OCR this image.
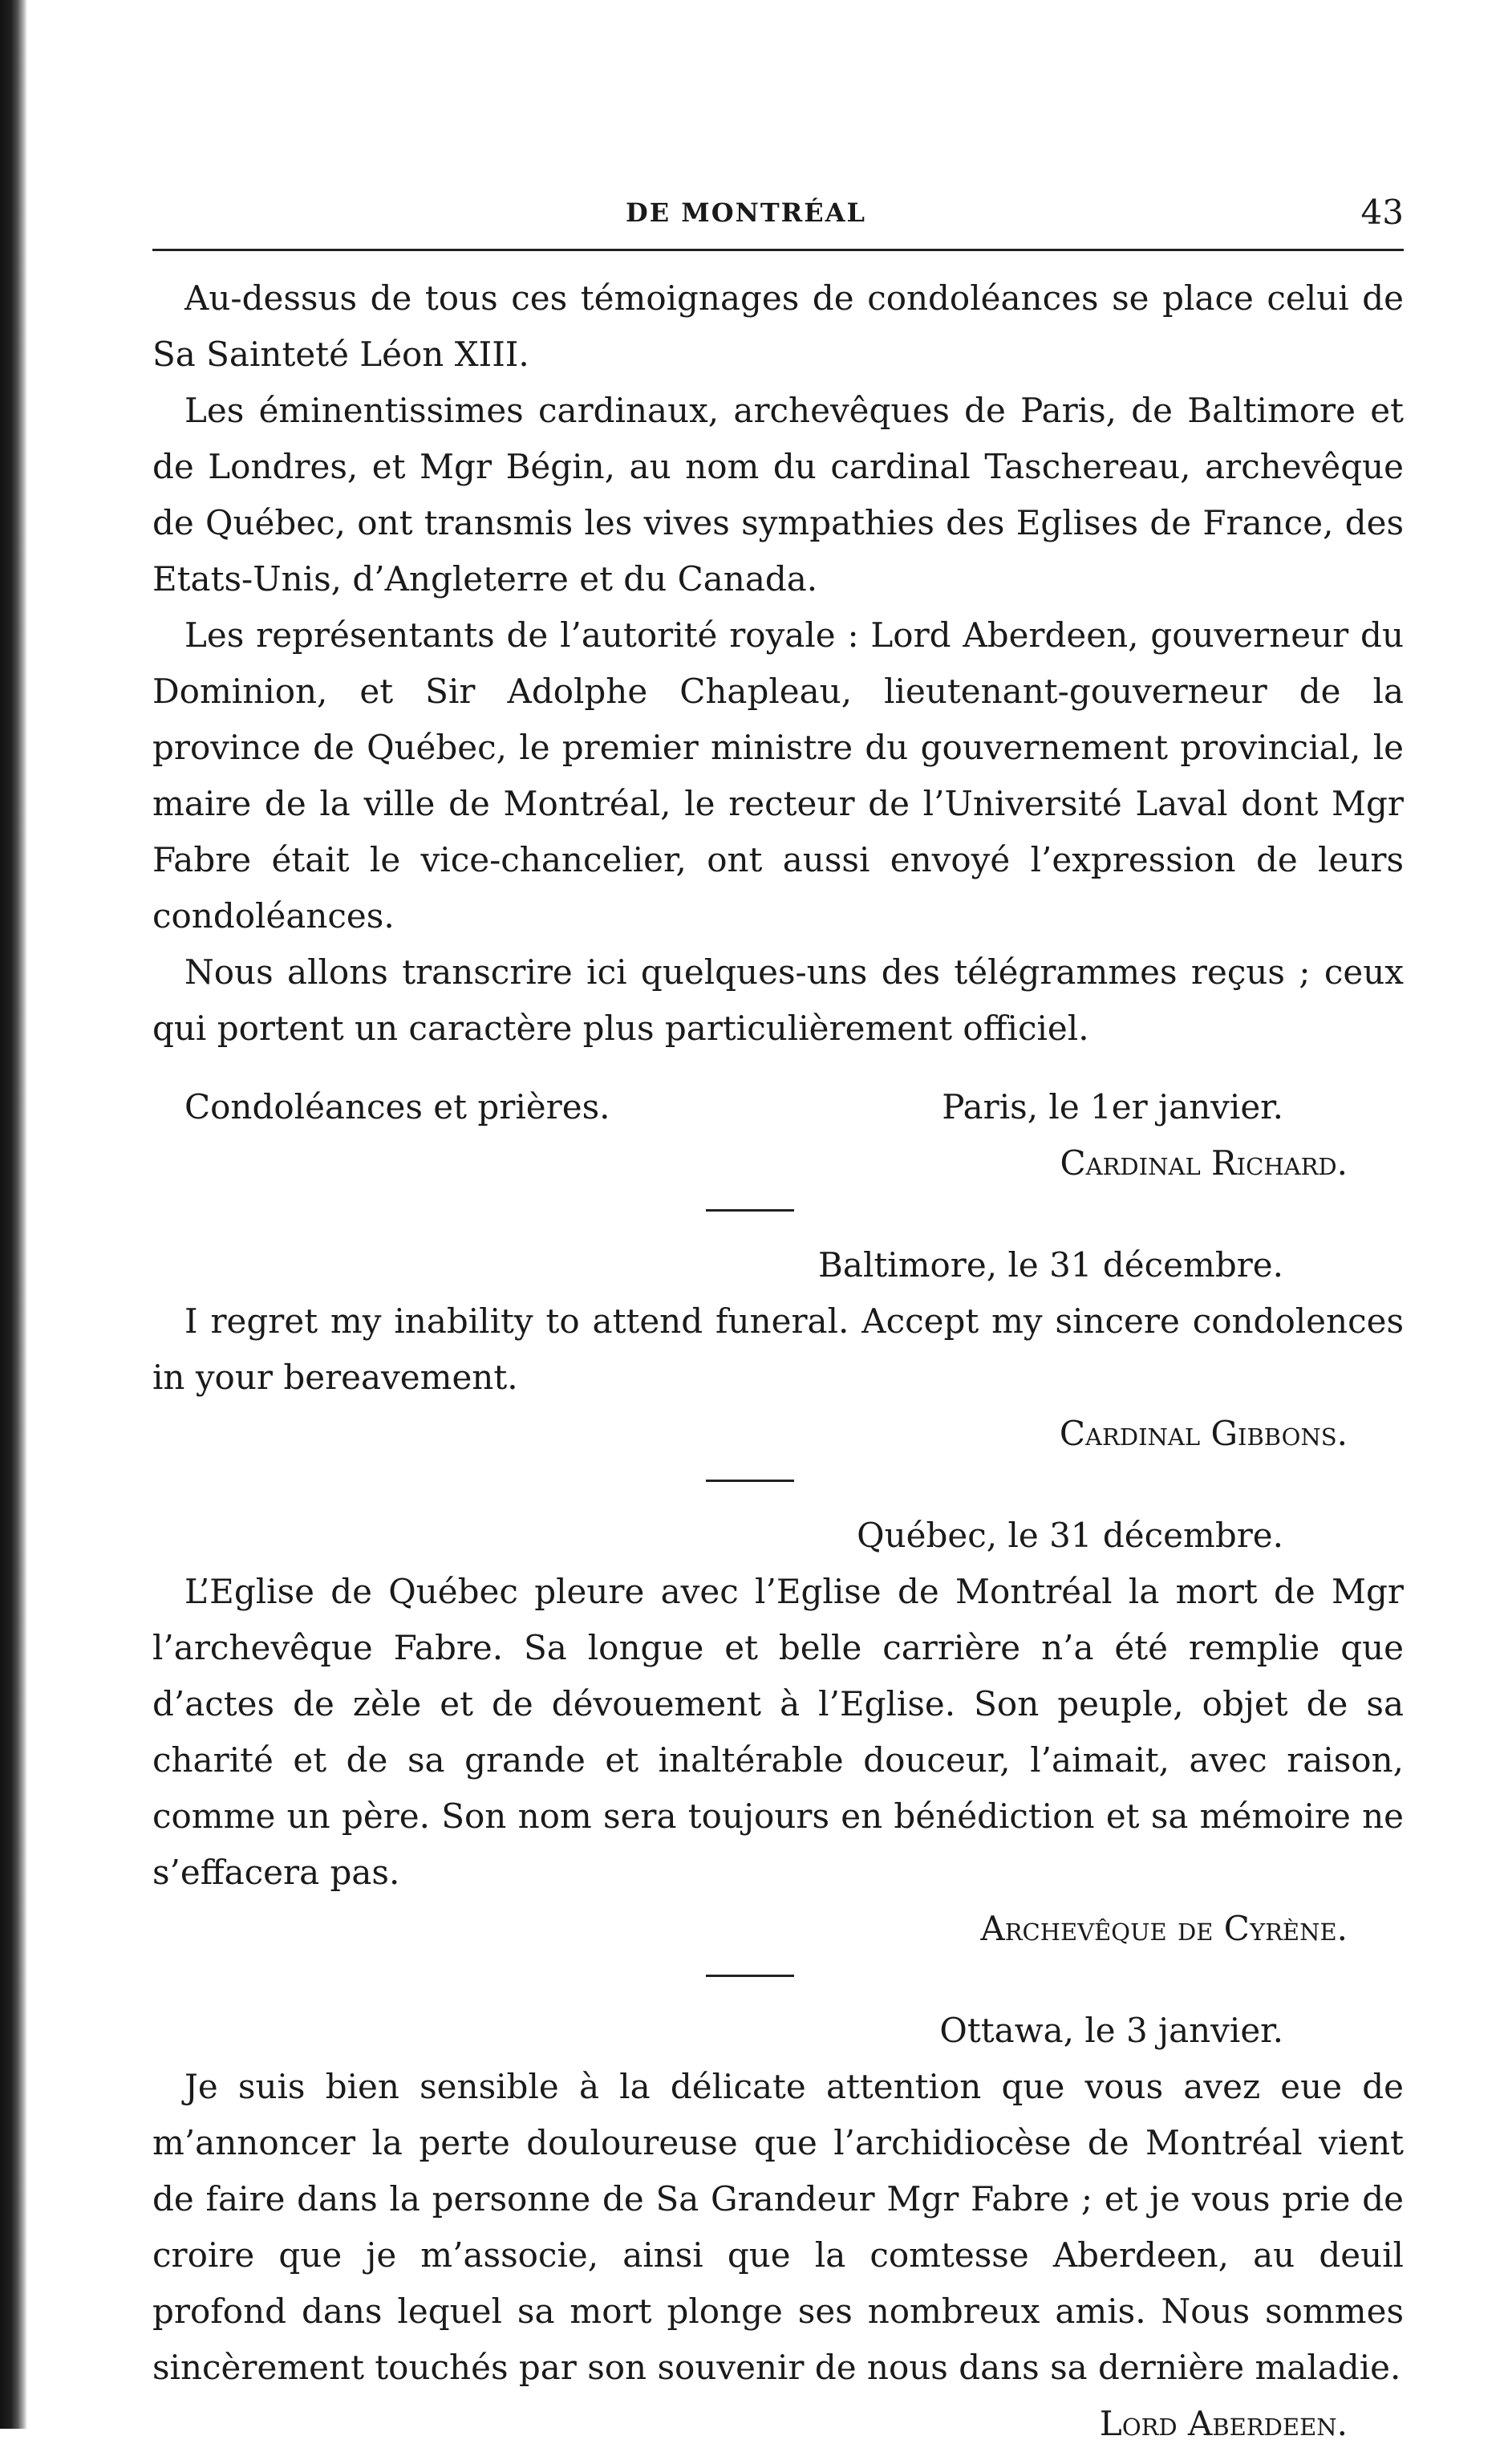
DE MONTRÉAL	43

Au-dessus de tous ces témoignages de condoléances se place celui de Sa Sainteté Léon XIII.

Les éminentissimes cardinaux, archevêques de Paris, de Baltimore et de Londres, et Mgr Bégin, au nom du cardinal Taschereau, archevêque de Québec, ont transmis les vives sympathies des Eglises de France, des Etats-Unis, d’Angleterre et du Canada.

Les représentants de l’autorité royale : Lord Aberdeen, gouverneur du Dominion, et Sir Adolphe Chapleau, lieutenant-gouverneur de la province de Québec, le premier ministre du gouvernement provincial, le maire de la ville de Montréal, le recteur de l’Université Laval dont Mgr Fabre était le vice-chancelier, ont aussi envoyé l’expression de leurs condoléances.

Nous allons transcrire ici quelques-uns des télégrammes reçus ; ceux qui portent un caractère plus particulièrement officiel.

Condoléances et prières.	Paris, le 1er janvier.
Cardinal Richard.
Baltimore, le 31 décembre.

I regret my inability to attend funeral. Accept my sincere condolences in your bereavement.

Cardinal Gibbons.
Québec, le 31 décembre.

L’Eglise de Québec pleure avec l’Eglise de Montréal la mort de Mgr l’archevêque Fabre. Sa longue et belle carrière n’a été remplie que d’actes de zèle et de dévouement à l’Eglise. Son peuple, objet de sa charité et de sa grande et inaltérable douceur, l’aimait, avec raison, comme un père. Son nom sera toujours en bénédiction et sa mémoire ne s’effacera pas.

Archevêque de Cyrène.
Ottawa, le 3 janvier.

Je suis bien sensible à la délicate attention que vous avez eue de m’annoncer la perte douloureuse que l’archidiocèse de Montréal vient de faire dans la personne de Sa Grandeur Mgr Fabre ; et je vous prie de croire que je m’associe, ainsi que la comtesse Aberdeen, au deuil profond dans lequel sa mort plonge ses nombreux amis. Nous sommes sincèrement touchés par son souvenir de nous dans sa dernière maladie.

Lord Aberdeen.
